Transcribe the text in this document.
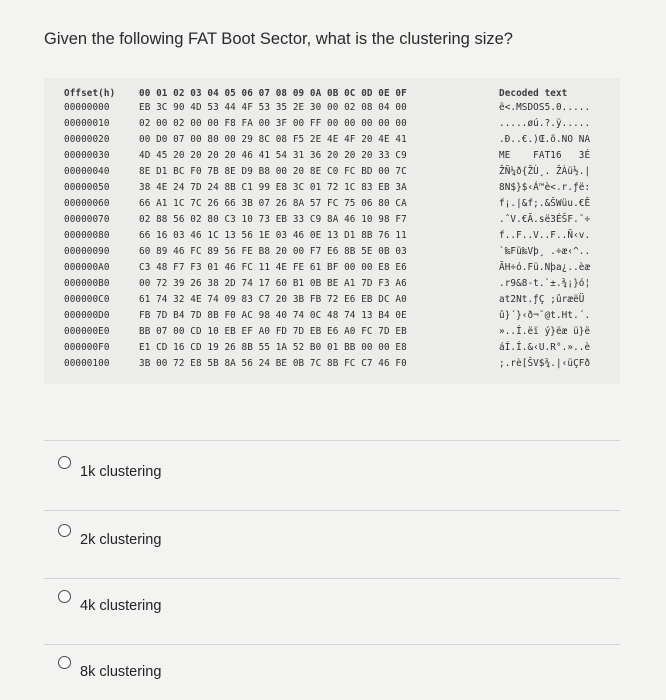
Given the following FAT Boot Sector, what is the clustering size?
Offset(h)	00 01 02 03 04 05 06 07 08 09 0A 0B 0C 0D 0E 0F	Decoded text
00000000	EB 3C 90 4D 53 44 4F 53 35 2E 30 00 02 08 04 00	ë<.MSDOS5.0.....
00000010	02 00 02 00 00 F8 FA 00 3F 00 FF 00 00 00 00 00	.....øú.?.ÿ.....
00000020	00 D0 07 00 80 00 29 8C 08 F5 2E 4E 4F 20 4E 41	.Ð..€.)Œ.õ.NO NA
00000030	4D 45 20 20 20 20 46 41 54 31 36 20 20 20 33 C9	ME    FAT16   3É
00000040	8E D1 BC F0 7B 8E D9 B8 00 20 8E C0 FC BD 00 7C	ŽÑ¼ð{ŽÙ¸. ŽÀü½.|
00000050	38 4E 24 7D 24 8B C1 99 E8 3C 01 72 1C 83 EB 3A	8N$}$‹Á™è<.r.ƒë:
00000060	66 A1 1C 7C 26 66 3B 07 26 8A 57 FC 75 06 80 CA	f¡.|&f;.&ŠWüu.€Ê
00000070	02 88 56 02 80 C3 10 73 EB 33 C9 8A 46 10 98 F7	.ˆV.€Ã.së3ÉŠF.˜÷
00000080	66 16 03 46 1C 13 56 1E 03 46 0E 13 D1 8B 76 11	f..F..V..F..Ñ‹v.
00000090	60 89 46 FC 89 56 FE B8 20 00 F7 E6 8B 5E 0B 03	`‰Fü‰Vþ¸ .÷æ‹^..
000000A0	C3 48 F7 F3 01 46 FC 11 4E FE 61 BF 00 00 E8 E6	ÃH÷ó.Fü.Nþa¿..èæ
000000B0	00 72 39 26 38 2D 74 17 60 B1 0B BE A1 7D F3 A6	.r9&8-t.`±.¾¡}ó¦
000000C0	61 74 32 4E 74 09 83 C7 20 3B FB 72 E6 EB DC A0	at2Nt.ƒÇ ;ûræëÜ
000000D0	FB 7D B4 7D 8B F0 AC 98 40 74 0C 48 74 13 B4 0E	û}´}‹ð¬˜@t.Ht.´.
000000E0	BB 07 00 CD 10 EB EF A0 FD 7D EB E6 A0 FC 7D EB	»..Í.ëï ý}ëæ ü}ë
000000F0	E1 CD 16 CD 19 26 8B 55 1A 52 B0 01 BB 00 00 E8	áÍ.Í.&‹U.R°.»..è
00000100	3B 00 72 E8 5B 8A 56 24 BE 0B 7C 8B FC C7 46 F0	;.rè[ŠV$¾.|‹üÇFð
1k clustering
2k clustering
4k clustering
8k clustering
